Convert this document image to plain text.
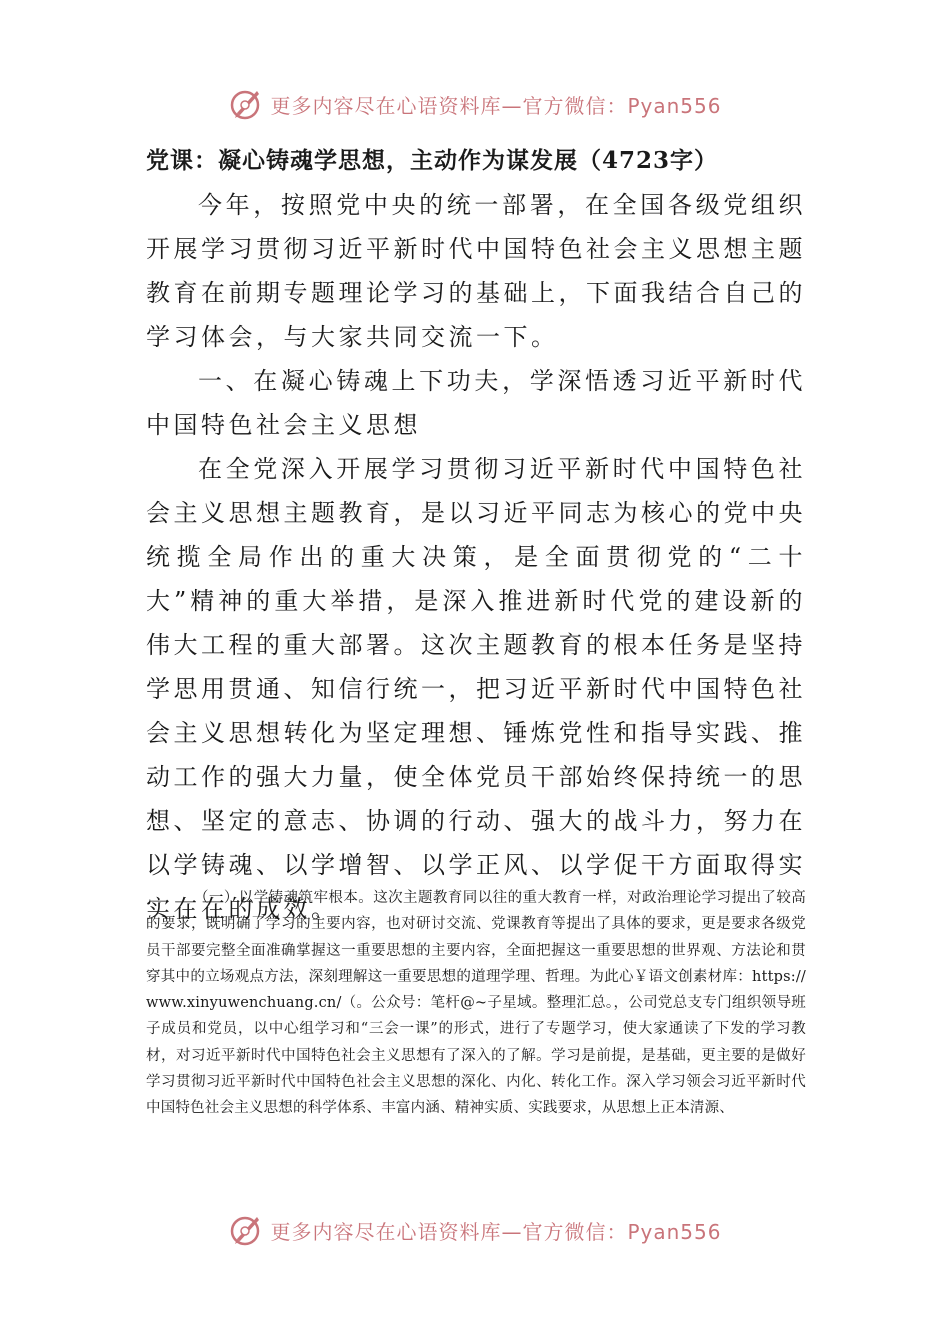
更多内容尽在心语资料库—官方微信：Pyan556
党课：凝心铸魂学思想，主动作为谋发展（4723字）

今年，按照党中央的统一部署，在全国各级党组织开展学习贯彻习近平新时代中国特色社会主义思想主题教育在前期专题理论学习的基础上，下面我结合自己的学习体会，与大家共同交流一下。

一、在凝心铸魂上下功夫，学深悟透习近平新时代中国特色社会主义思想

在全党深入开展学习贯彻习近平新时代中国特色社会主义思想主题教育，是以习近平同志为核心的党中央统揽全局作出的重大决策，是全面贯彻党的“二十大”精神的重大举措，是深入推进新时代党的建设新的伟大工程的重大部署。这次主题教育的根本任务是坚持学思用贯通、知信行统一，把习近平新时代中国特色社会主义思想转化为坚定理想、锤炼党性和指导实践、推动工作的强大力量，使全体党员干部始终保持统一的思想、坚定的意志、协调的行动、强大的战斗力，努力在以学铸魂、以学增智、以学正风、以学促干方面取得实实在在的成效。

（一）以学铸魂筑牢根本。这次主题教育同以往的重大教育一样，对政治理论学习提出了较高的要求，既明确了学习的主要内容，也对研讨交流、党课教育等提出了具体的要求，更是要求各级党员干部要完整全面准确掌握这一重要思想的主要内容，全面把握这一重要思想的世界观、方法论和贯穿其中的立场观点方法，深刻理解这一重要思想的道理学理、哲理。为此心￥语文创素材库：https://www.xinyuwenchuang.cn/（。公众号：笔杆@~子星域。整理汇总。，公司党总支专门组织领导班子成员和党员，以中心组学习和“三会一课”的形式，进行了专题学习，使大家通读了下发的学习教材，对习近平新时代中国特色社会主义思想有了深入的了解。学习是前提，是基础，更主要的是做好学习贯彻习近平新时代中国特色社会主义思想的深化、内化、转化工作。深入学习领会习近平新时代中国特色社会主义思想的科学体系、丰富内涵、精神实质、实践要求，从思想上正本清源、

更多内容尽在心语资料库—官方微信：Pyan556
